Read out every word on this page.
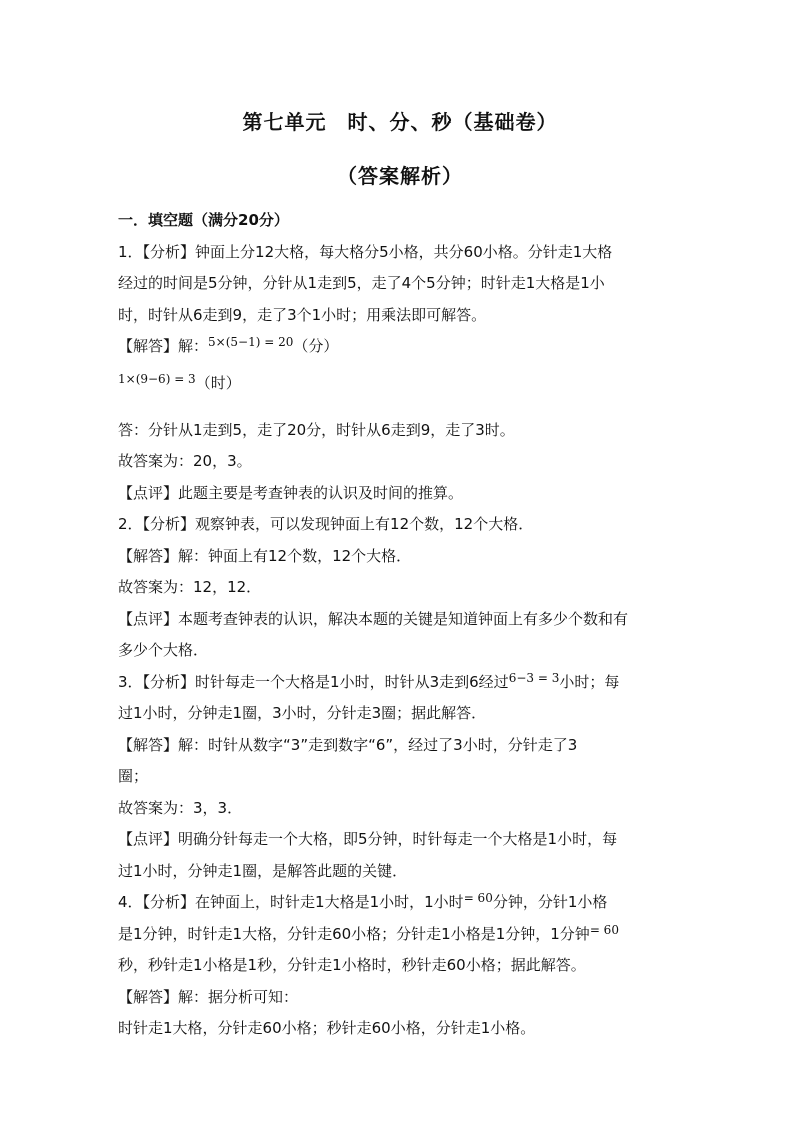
第七单元　时、分、秒（基础卷）
（答案解析）
一．填空题（满分20分）
1．【分析】钟面上分12大格，每大格分5小格，共分60小格。分针走1大格
经过的时间是5分钟，分针从1走到5，走了4个5分钟；时针走1大格是1小
时，时针从6走到9，走了3个1小时；用乘法即可解答。
【解答】解：$^{5\times(5-1) = 20}$（分）
$^{1\times(9-6) = 3}$（时）
答：分针从1走到5，走了20分，时针从6走到9，走了3时。
故答案为：20，3。
【点评】此题主要是考查钟表的认识及时间的推算。
2．【分析】观察钟表，可以发现钟面上有12个数，12个大格．
【解答】解：钟面上有12个数，12个大格．
故答案为：12，12．
【点评】本题考查钟表的认识，解决本题的关键是知道钟面上有多少个数和有
多少个大格．
3．【分析】时针每走一个大格是1小时，时针从3走到6经过$^{6-3 = 3}$小时；每
过1小时，分钟走1圈，3小时，分针走3圈；据此解答．
【解答】解：时针从数字“3”走到数字“6”，经过了3小时，分针走了3
圈；
故答案为：3，3．
【点评】明确分针每走一个大格，即5分钟，时针每走一个大格是1小时，每
过1小时，分钟走1圈，是解答此题的关键．
4．【分析】在钟面上，时针走1大格是1小时，1小时$^{= 60}$分钟，分针1小格
是1分钟，时针走1大格，分针走60小格；分针走1小格是1分钟，1分钟$^{= 60}$
秒，秒针走1小格是1秒，分针走1小格时，秒针走60小格；据此解答。
【解答】解：据分析可知：
时针走1大格，分针走60小格；秒针走60小格，分针走1小格。
